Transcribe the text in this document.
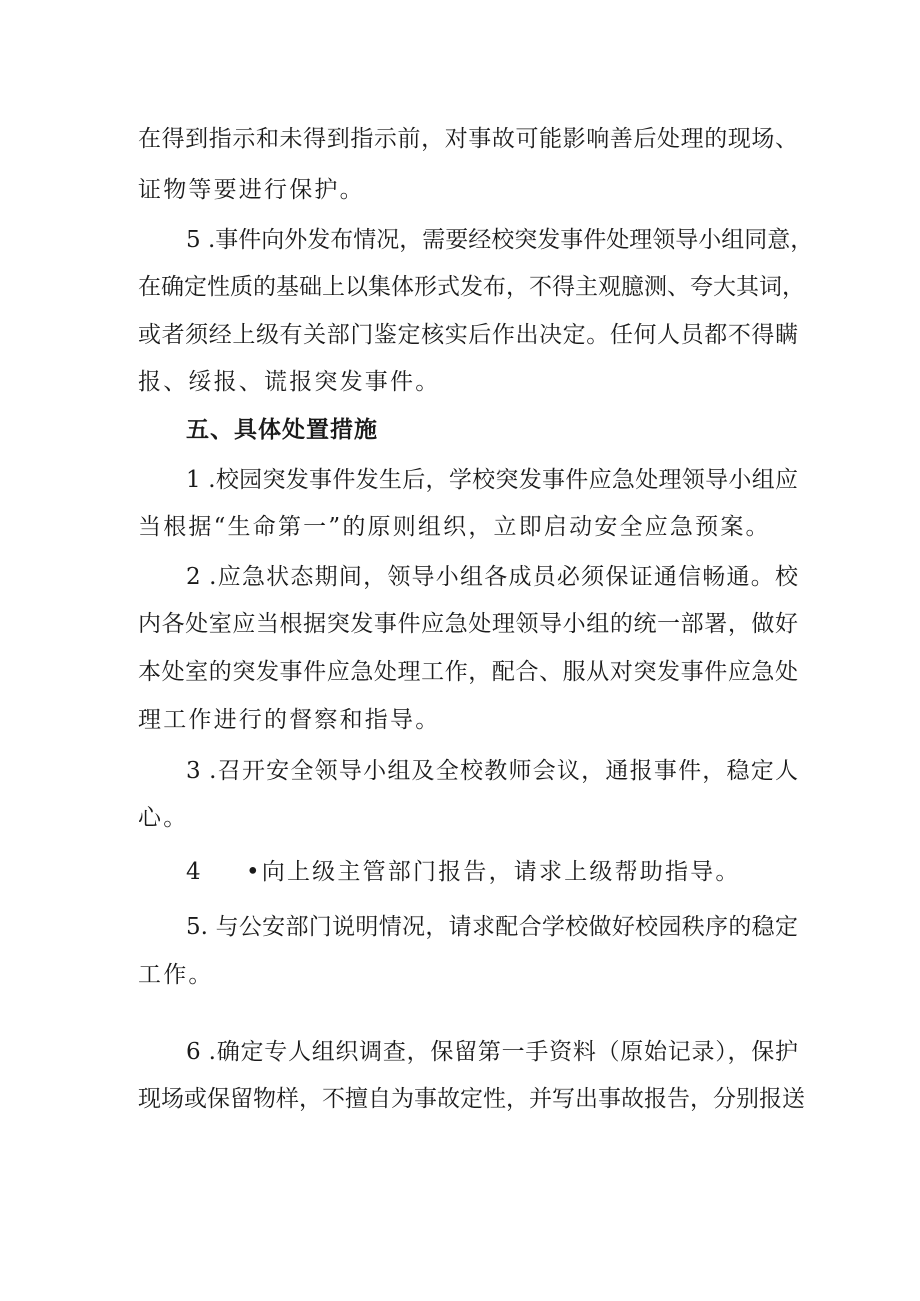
在得到指示和未得到指示前，对事故可能影响善后处理的现场、
证物等要进行保护。
5 .事件向外发布情况，需要经校突发事件处理领导小组同意，
在确定性质的基础上以集体形式发布，不得主观臆测、夸大其词，
或者须经上级有关部门鉴定核实后作出决定。任何人员都不得瞒
报、绥报、谎报突发事件。
五、具体处置措施
1 .校园突发事件发生后，学校突发事件应急处理领导小组应
当根据“生命第一”的原则组织，立即启动安全应急预案。
2 .应急状态期间，领导小组各成员必须保证通信畅通。校
内各处室应当根据突发事件应急处理领导小组的统一部署，做好
本处室的突发事件应急处理工作，配合、服从对突发事件应急处
理工作进行的督察和指导。
3 .召开安全领导小组及全校教师会议，通报事件，稳定人
心。
4 •向上级主管部门报告，请求上级帮助指导。
5. 与公安部门说明情况，请求配合学校做好校园秩序的稳定
工作。
6 .确定专人组织调查，保留第一手资料（原始记录），保护
现场或保留物样，不擅自为事故定性，并写出事故报告，分别报送
